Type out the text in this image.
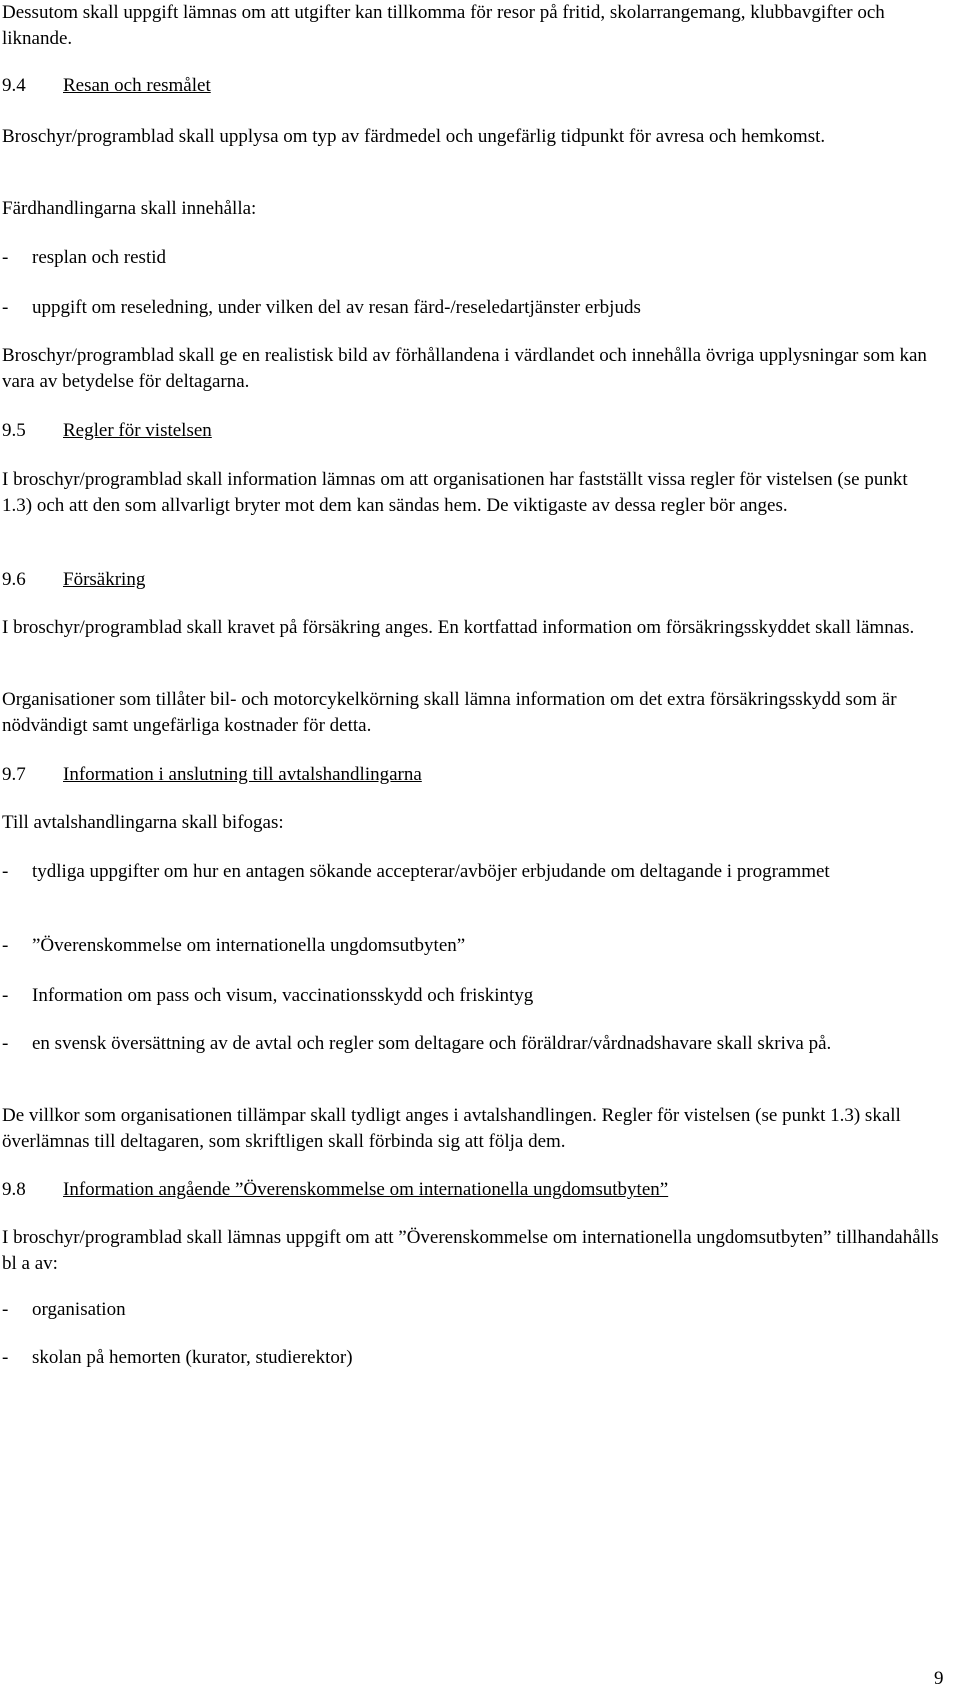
Dessutom skall uppgift lämnas om att utgifter kan tillkomma för resor på fritid, skolarrangemang, klubbavgifter och liknande.

9.4 Resan och resmålet

Broschyr/programblad skall upplysa om typ av färdmedel och ungefärlig tidpunkt för avresa och hemkomst.

Färdhandlingarna skall innehålla:

- resplan och restid
- uppgift om reseledning, under vilken del av resan färd-/reseledartjänster erbjuds

Broschyr/programblad skall ge en realistisk bild av förhållandena i värdlandet och innehålla övriga upplysningar som kan vara av betydelse för deltagarna.

9.5 Regler för vistelsen

I broschyr/programblad skall information lämnas om att organisationen har fastställt vissa regler för vistelsen (se punkt 1.3) och att den som allvarligt bryter mot dem kan sändas hem. De viktigaste av dessa regler bör anges.

9.6 Försäkring

I broschyr/programblad skall kravet på försäkring anges. En kortfattad information om försäkringsskyddet skall lämnas.

Organisationer som tillåter bil- och motorcykelkörning skall lämna information om det extra försäkringsskydd som är nödvändigt samt ungefärliga kostnader för detta.

9.7 Information i anslutning till avtalshandlingarna

Till avtalshandlingarna skall bifogas:

- tydliga uppgifter om hur en antagen sökande accepterar/avböjer erbjudande om deltagande i programmet
- ”Överenskommelse om internationella ungdomsutbyten”
- Information om pass och visum, vaccinationsskydd och friskintyg
- en svensk översättning av de avtal och regler som deltagare och föräldrar/vårdnadshavare skall skriva på.

De villkor som organisationen tillämpar skall tydligt anges i avtalshandlingen. Regler för vistelsen (se punkt 1.3) skall överlämnas till deltagaren, som skriftligen skall förbinda sig att följa dem.

9.8 Information angående ”Överenskommelse om internationella ungdomsutbyten”

I broschyr/programblad skall lämnas uppgift om att ”Överenskommelse om internationella ungdomsutbyten” tillhandahålls bl a av:

- organisation
- skolan på hemorten (kurator, studierektor)
9
